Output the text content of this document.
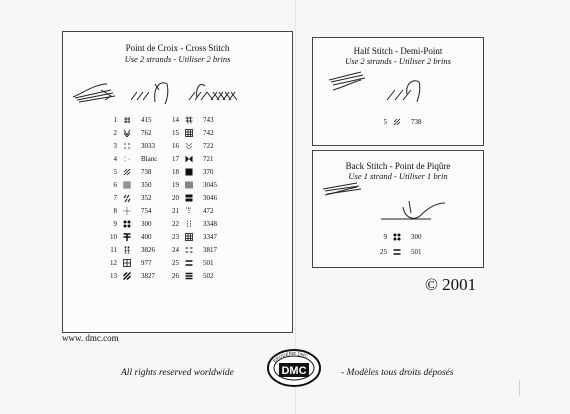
Point de Croix - Cross Stitch
Use 2 strands - Utiliser 2 brins
1	415
2	762
3	3033
4	Blanc
5	738
6	350
7	352
8	754
9	300
10	400
11	3826
12	977
13	3827
14	743
15	742
16	722
17	721
18	370
19	3045
20	3046
21	472
22	3348
23	3347
24	3817
25	501
26	502
Half Stitch - Demi-Point
Use 2 strands - Utiliser 2 brins
5	738
Back Stitch - Point de Piqûre
Use 1 strand - Utiliser 1 brin
9	300
25	501
© 2001
www. dmc.com
All rights reserved worldwide	- Modèles tous droits déposés
BRODERIE DMC
DMC
